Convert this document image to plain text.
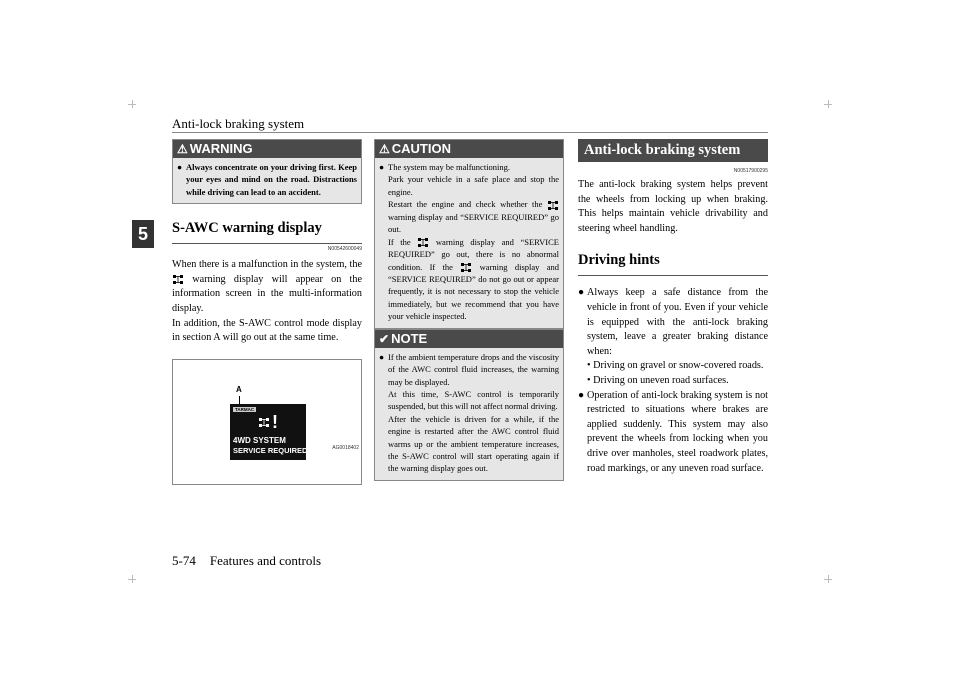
Anti-lock braking system
5
5-74 Features and controls
⚠ WARNING
● Always concentrate on your driving first. Keep your eyes and mind on the road. Distractions while driving can lead to an accident.
S-AWC warning display
N00542600049

When there is a malfunction in the system, the  warning display will appear on the information screen in the multi-information display.

In addition, the S-AWC control mode display in section A will go out at the same time.

A
TARMAC
!
4WD SYSTEM
SERVICE REQUIRED	AG0018402
⚠ CAUTION
● The system may be malfunctioning.
Park your vehicle in a safe place and stop the engine.
Restart the engine and check whether the  warning display and “SERVICE REQUIRED” go out.
If the	warning display and “SERVICE REQUIRED” go out, there is no abnormal condition. If the	warning display and “SERVICE REQUIRED” do not go out or appear frequently, it is not necessary to stop the vehicle immediately, but we recommend that you have your vehicle inspected.
✔ NOTE
● If the ambient temperature drops and the viscosity of the AWC control fluid increases, the warning may be displayed.
At this time, S-AWC control is temporarily suspended, but this will not affect normal driving.
After the vehicle is driven for a while, if the engine is restarted after the AWC control fluid warms up or the ambient temperature increases, the S-AWC control will start operating again if the warning display goes out.
Anti-lock braking system
N00517900295
The anti-lock braking system helps prevent the wheels from locking up when braking. This helps maintain vehicle drivability and steering wheel handling.
Driving hints
● Always keep a safe distance from the vehicle in front of you. Even if your vehicle is equipped with the anti-lock braking system, leave a greater braking distance when:
• Driving on gravel or snow-covered roads.
• Driving on uneven road surfaces.
● Operation of anti-lock braking system is not restricted to situations where brakes are applied suddenly. This system may also prevent the wheels from locking when you drive over manholes, steel roadwork plates, road markings, or any uneven road surface.
